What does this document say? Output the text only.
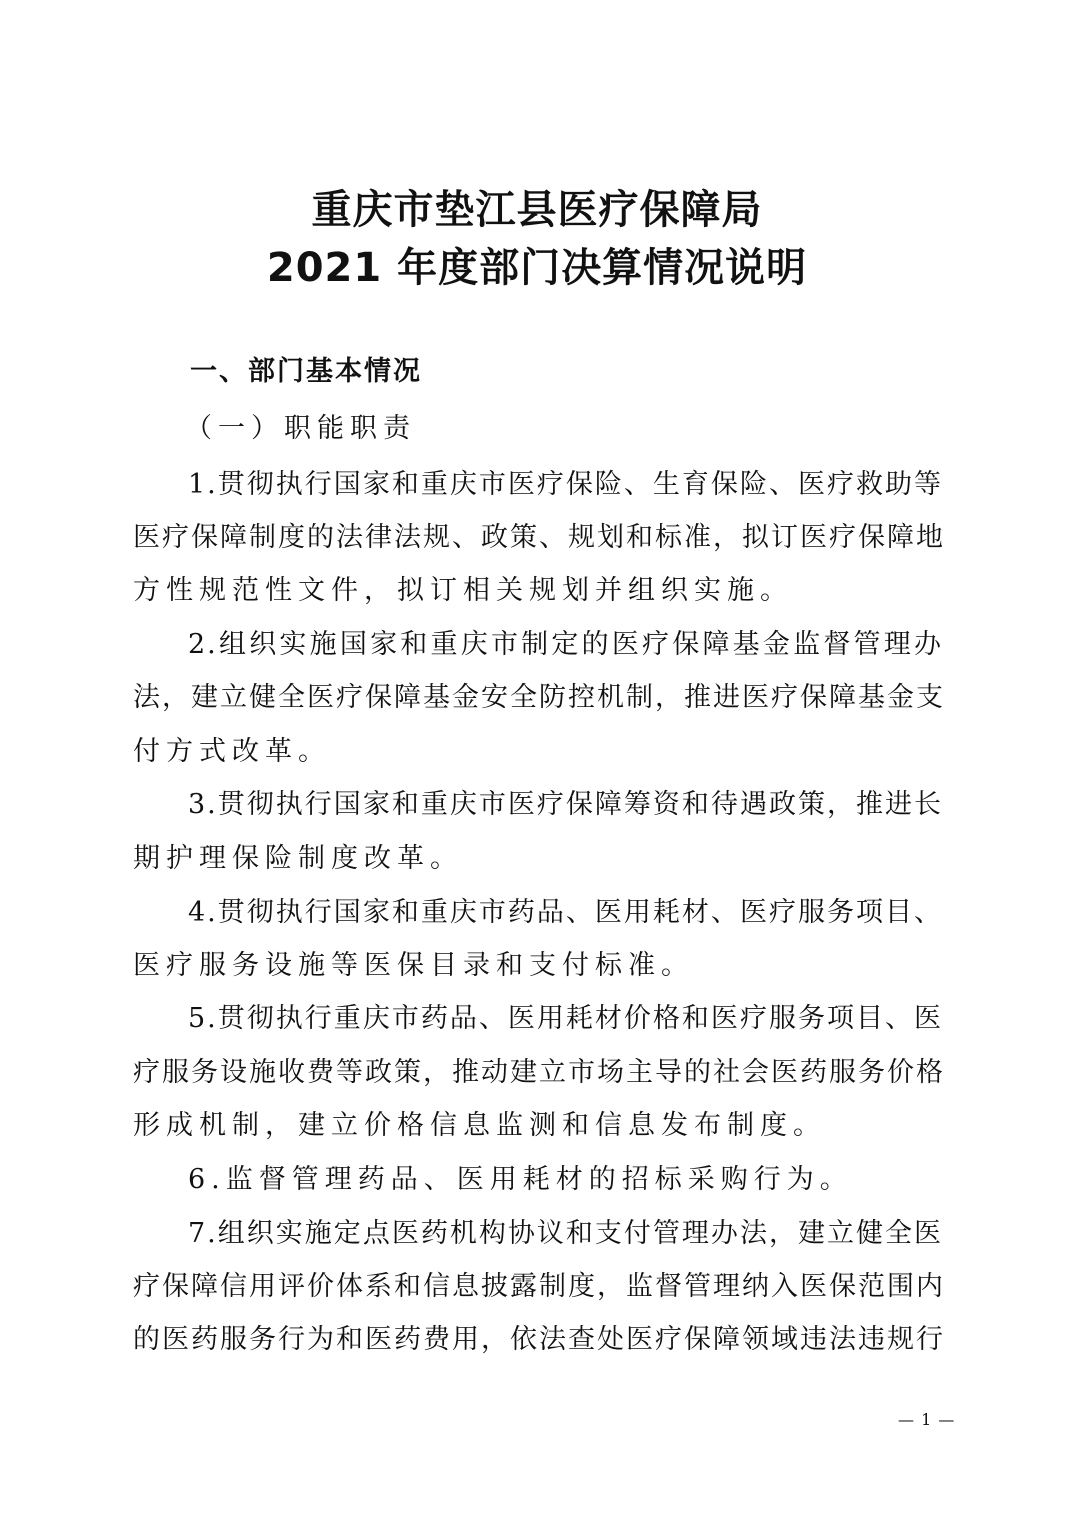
重庆市垫江县医疗保障局
2021 年度部门决算情况说明
一、部门基本情况
（一）职能职责
1.贯彻执行国家和重庆市医疗保险、生育保险、医疗救助等
医疗保障制度的法律法规、政策、规划和标准，拟订医疗保障地
方性规范性文件，拟订相关规划并组织实施。
2.组织实施国家和重庆市制定的医疗保障基金监督管理办
法，建立健全医疗保障基金安全防控机制，推进医疗保障基金支
付方式改革。
3.贯彻执行国家和重庆市医疗保障筹资和待遇政策，推进长
期护理保险制度改革。
4.贯彻执行国家和重庆市药品、医用耗材、医疗服务项目、
医疗服务设施等医保目录和支付标准。
5.贯彻执行重庆市药品、医用耗材价格和医疗服务项目、医
疗服务设施收费等政策，推动建立市场主导的社会医药服务价格
形成机制，建立价格信息监测和信息发布制度。
6.监督管理药品、医用耗材的招标采购行为。
7.组织实施定点医药机构协议和支付管理办法，建立健全医
疗保障信用评价体系和信息披露制度，监督管理纳入医保范围内
的医药服务行为和医药费用，依法查处医疗保障领域违法违规行
— 1 —
